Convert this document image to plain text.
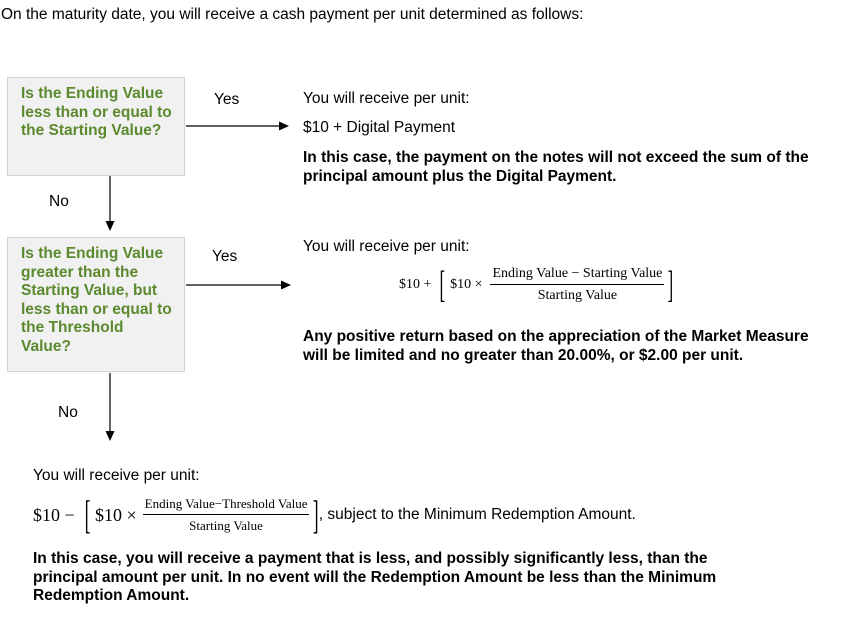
On the maturity date, you will receive a cash payment per unit determined as follows:
Is the Ending Value less than or equal to the Starting Value?
Is the Ending Value greater than the Starting Value, but less than or equal to the Threshold Value?
Yes
Yes
No
No
You will receive per unit:
$10 + Digital Payment
In this case, the payment on the notes will not exceed the sum of the principal amount plus the Digital Payment.
You will receive per unit:
$10 + [ $10 × $\frac{\text{Ending Value − Starting Value}}{\text{Starting Value}}$ ]
Any positive return based on the appreciation of the Market Measure will be limited and no greater than 20.00%, or $2.00 per unit.
You will receive per unit:
$10 − [ $10 × $\frac{\text{Ending Value−Threshold Value}}{\text{Starting Value}}$ ] , subject to the Minimum Redemption Amount.
In this case, you will receive a payment that is less, and possibly significantly less, than the principal amount per unit. In no event will the Redemption Amount be less than the Minimum Redemption Amount.
